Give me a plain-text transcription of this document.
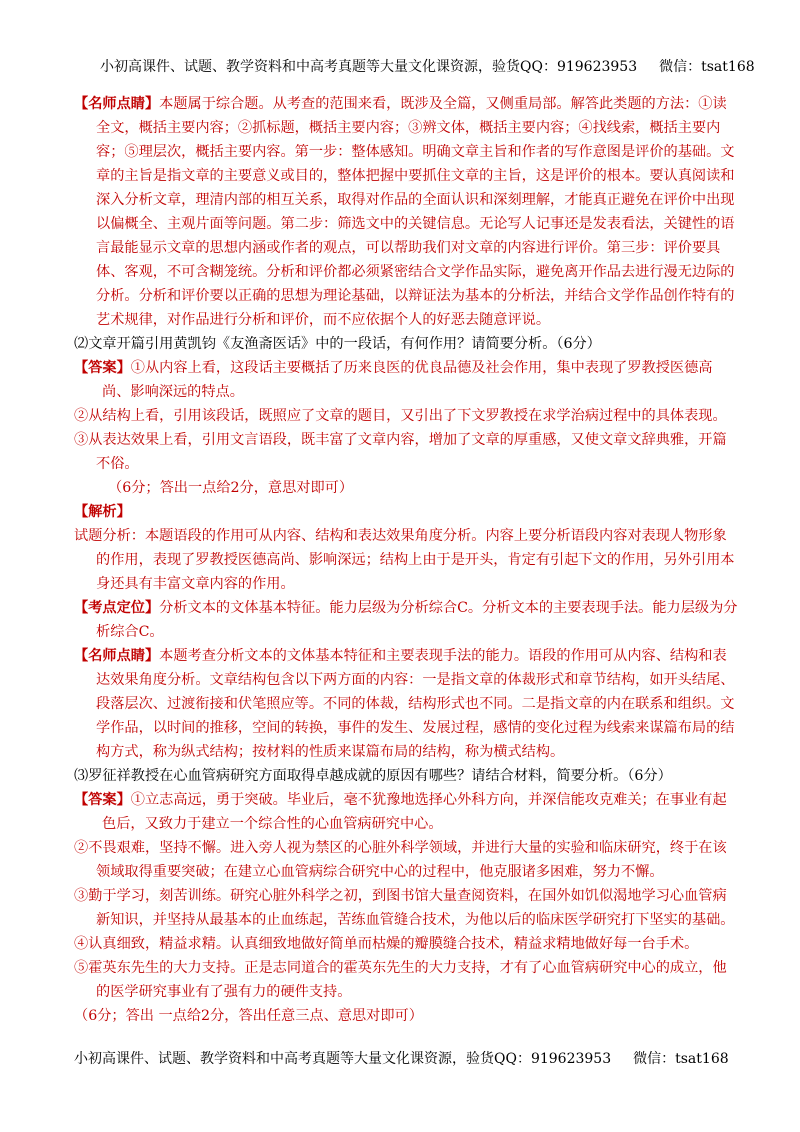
小初高课件、试题、教学资料和中高考真题等大量文化课资源，验货QQ：919623953 微信：tsat168

【名师点睛】本题属于综合题。从考查的范围来看，既涉及全篇，又侧重局部。解答此类题的方法：①读全文，概括主要内容；②抓标题，概括主要内容；③辨文体，概括主要内容；④找线索，概括主要内容；⑤理层次，概括主要内容。第一步：整体感知。明确文章主旨和作者的写作意图是评价的基础。文章的主旨是指文章的主要意义或目的，整体把握中要抓住文章的主旨，这是评价的根本。要认真阅读和深入分析文章，理清内部的相互关系，取得对作品的全面认识和深刻理解，才能真正避免在评价中出现以偏概全、主观片面等问题。第二步：筛选文中的关键信息。无论写人记事还是发表看法，关键性的语言最能显示文章的思想内涵或作者的观点，可以帮助我们对文章的内容进行评价。第三步：评价要具体、客观，不可含糊笼统。分析和评价都必须紧密结合文学作品实际，避免离开作品去进行漫无边际的分析。分析和评价要以正确的思想为理论基础，以辩证法为基本的分析法，并结合文学作品创作特有的艺术规律，对作品进行分析和评价，而不应依据个人的好恶去随意评说。

⑵文章开篇引用黄凯钧《友渔斋医话》中的一段话，有何作用？请简要分析。（6分）

【答案】①从内容上看，这段话主要概括了历来良医的优良品德及社会作用，集中表现了罗教授医德高尚、影响深远的特点。

②从结构上看，引用该段话，既照应了文章的题目，又引出了下文罗教授在求学治病过程中的具体表现。

③从表达效果上看，引用文言语段，既丰富了文章内容，增加了文章的厚重感，又使文章文辞典雅，开篇不俗。

（6分；答出一点给2分，意思对即可）

【解析】

试题分析：本题语段的作用可从内容、结构和表达效果角度分析。内容上要分析语段内容对表现人物形象的作用，表现了罗教授医德高尚、影响深远；结构上由于是开头，肯定有引起下文的作用，另外引用本身还具有丰富文章内容的作用。

【考点定位】分析文本的文体基本特征。能力层级为分析综合C。分析文本的主要表现手法。能力层级为分析综合C。

【名师点睛】本题考查分析文本的文体基本特征和主要表现手法的能力。语段的作用可从内容、结构和表达效果角度分析。文章结构包含以下两方面的内容：一是指文章的体裁形式和章节结构，如开头结尾、段落层次、过渡衔接和伏笔照应等。不同的体裁，结构形式也不同。二是指文章的内在联系和组织。文学作品，以时间的推移，空间的转换，事件的发生、发展过程，感情的变化过程为线索来谋篇布局的结构方式，称为纵式结构；按材料的性质来谋篇布局的结构，称为横式结构。

⑶罗征祥教授在心血管病研究方面取得卓越成就的原因有哪些？请结合材料，简要分析。（6分）

【答案】①立志高远，勇于突破。毕业后，毫不犹豫地选择心外科方向，并深信能攻克难关；在事业有起色后，又致力于建立一个综合性的心血管病研究中心。

②不畏艰难，坚持不懈。进入旁人视为禁区的心脏外科学领域，并进行大量的实验和临床研究，终于在该领域取得重要突破；在建立心血管病综合研究中心的过程中，他克服诸多困难，努力不懈。

③勤于学习，刻苦训练。研究心脏外科学之初，到图书馆大量查阅资料，在国外如饥似渴地学习心血管病新知识，并坚持从最基本的止血练起，苦练血管缝合技术，为他以后的临床医学研究打下坚实的基础。

④认真细致，精益求精。认真细致地做好简单而枯燥的瓣膜缝合技术，精益求精地做好每一台手术。

⑤霍英东先生的大力支持。正是志同道合的霍英东先生的大力支持，才有了心血管病研究中心的成立，他的医学研究事业有了强有力的硬件支持。

（6分；答出 一点给2分，答出任意三点、意思对即可）

小初高课件、试题、教学资料和中高考真题等大量文化课资源，验货QQ：919623953 微信：tsat168
